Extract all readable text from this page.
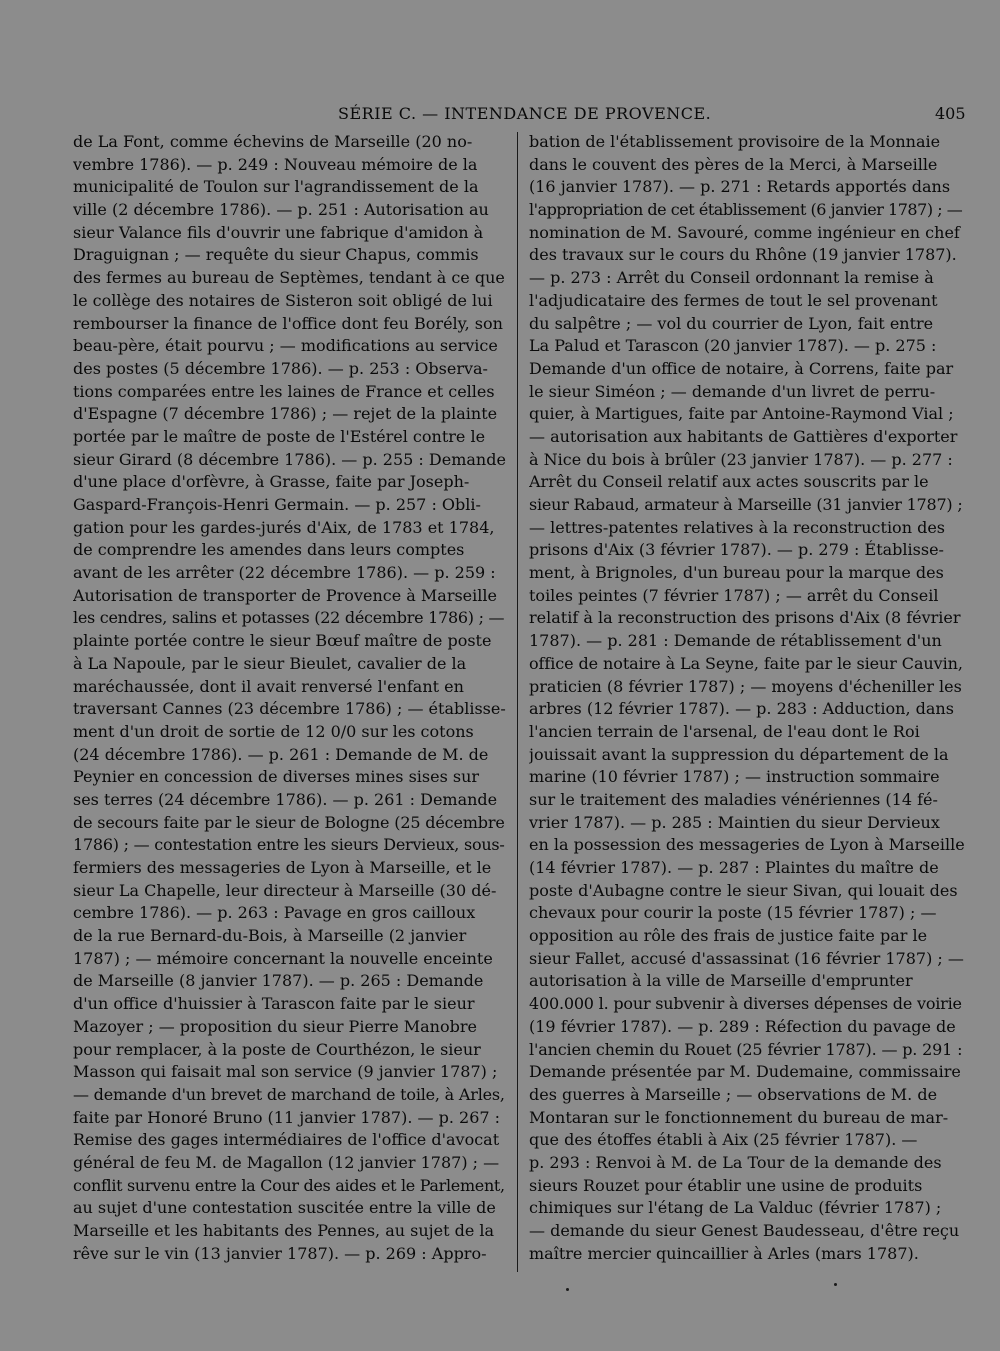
SÉRIE C. — INTENDANCE DE PROVENCE.	405
de La Font, comme échevins de Marseille (20 no-
vembre 1786). — p. 249 : Nouveau mémoire de la
municipalité de Toulon sur l'agrandissement de la
ville (2 décembre 1786). — p. 251 : Autorisation au
sieur Valance fils d'ouvrir une fabrique d'amidon à
Draguignan ; — requête du sieur Chapus, commis
des fermes au bureau de Septèmes, tendant à ce que
le collège des notaires de Sisteron soit obligé de lui
rembourser la finance de l'office dont feu Borély, son
beau-père, était pourvu ; — modifications au service
des postes (5 décembre 1786). — p. 253 : Observa-
tions comparées entre les laines de France et celles
d'Espagne (7 décembre 1786) ; — rejet de la plainte
portée par le maître de poste de l'Estérel contre le
sieur Girard (8 décembre 1786). — p. 255 : Demande
d'une place d'orfèvre, à Grasse, faite par Joseph-
Gaspard-François-Henri Germain. — p. 257 : Obli-
gation pour les gardes-jurés d'Aix, de 1783 et 1784,
de comprendre les amendes dans leurs comptes
avant de les arrêter (22 décembre 1786). — p. 259 :
Autorisation de transporter de Provence à Marseille
les cendres, salins et potasses (22 décembre 1786) ; —
plainte portée contre le sieur Bœuf maître de poste
à La Napoule, par le sieur Bieulet, cavalier de la
maréchaussée, dont il avait renversé l'enfant en
traversant Cannes (23 décembre 1786) ; — établisse-
ment d'un droit de sortie de 12 0/0 sur les cotons
(24 décembre 1786). — p. 261 : Demande de M. de
Peynier en concession de diverses mines sises sur
ses terres (24 décembre 1786). — p. 261 : Demande
de secours faite par le sieur de Bologne (25 décembre
1786) ; — contestation entre les sieurs Dervieux, sous-
fermiers des messageries de Lyon à Marseille, et le
sieur La Chapelle, leur directeur à Marseille (30 dé-
cembre 1786). — p. 263 : Pavage en gros cailloux
de la rue Bernard-du-Bois, à Marseille (2 janvier
1787) ; — mémoire concernant la nouvelle enceinte
de Marseille (8 janvier 1787). — p. 265 : Demande
d'un office d'huissier à Tarascon faite par le sieur
Mazoyer ; — proposition du sieur Pierre Manobre
pour remplacer, à la poste de Courthézon, le sieur
Masson qui faisait mal son service (9 janvier 1787) ;
— demande d'un brevet de marchand de toile, à Arles,
faite par Honoré Bruno (11 janvier 1787). — p. 267 :
Remise des gages intermédiaires de l'office d'avocat
général de feu M. de Magallon (12 janvier 1787) ; —
conflit survenu entre la Cour des aides et le Parlement,
au sujet d'une contestation suscitée entre la ville de
Marseille et les habitants des Pennes, au sujet de la
rêve sur le vin (13 janvier 1787). — p. 269 : Appro-
bation de l'établissement provisoire de la Monnaie
dans le couvent des pères de la Merci, à Marseille
(16 janvier 1787). — p. 271 : Retards apportés dans
l'appropriation de cet établissement (6 janvier 1787) ; —
nomination de M. Savouré, comme ingénieur en chef
des travaux sur le cours du Rhône (19 janvier 1787).
— p. 273 : Arrêt du Conseil ordonnant la remise à
l'adjudicataire des fermes de tout le sel provenant
du salpêtre ; — vol du courrier de Lyon, fait entre
La Palud et Tarascon (20 janvier 1787). — p. 275 :
Demande d'un office de notaire, à Correns, faite par
le sieur Siméon ; — demande d'un livret de perru-
quier, à Martigues, faite par Antoine-Raymond Vial ;
— autorisation aux habitants de Gattières d'exporter
à Nice du bois à brûler (23 janvier 1787). — p. 277 :
Arrêt du Conseil relatif aux actes souscrits par le
sieur Rabaud, armateur à Marseille (31 janvier 1787) ;
— lettres-patentes relatives à la reconstruction des
prisons d'Aix (3 février 1787). — p. 279 : Établisse-
ment, à Brignoles, d'un bureau pour la marque des
toiles peintes (7 février 1787) ; — arrêt du Conseil
relatif à la reconstruction des prisons d'Aix (8 février
1787). — p. 281 : Demande de rétablissement d'un
office de notaire à La Seyne, faite par le sieur Cauvin,
praticien (8 février 1787) ; — moyens d'écheniller les
arbres (12 février 1787). — p. 283 : Adduction, dans
l'ancien terrain de l'arsenal, de l'eau dont le Roi
jouissait avant la suppression du département de la
marine (10 février 1787) ; — instruction sommaire
sur le traitement des maladies vénériennes (14 fé-
vrier 1787). — p. 285 : Maintien du sieur Dervieux
en la possession des messageries de Lyon à Marseille
(14 février 1787). — p. 287 : Plaintes du maître de
poste d'Aubagne contre le sieur Sivan, qui louait des
chevaux pour courir la poste (15 février 1787) ; —
opposition au rôle des frais de justice faite par le
sieur Fallet, accusé d'assassinat (16 février 1787) ; —
autorisation à la ville de Marseille d'emprunter
400.000 l. pour subvenir à diverses dépenses de voirie
(19 février 1787). — p. 289 : Réfection du pavage de
l'ancien chemin du Rouet (25 février 1787). — p. 291 :
Demande présentée par M. Dudemaine, commissaire
des guerres à Marseille ; — observations de M. de
Montaran sur le fonctionnement du bureau de mar-
que des étoffes établi à Aix (25 février 1787). —
p. 293 : Renvoi à M. de La Tour de la demande des
sieurs Rouzet pour établir une usine de produits
chimiques sur l'étang de La Valduc (février 1787) ;
— demande du sieur Genest Baudesseau, d'être reçu
maître mercier quincaillier à Arles (mars 1787).
